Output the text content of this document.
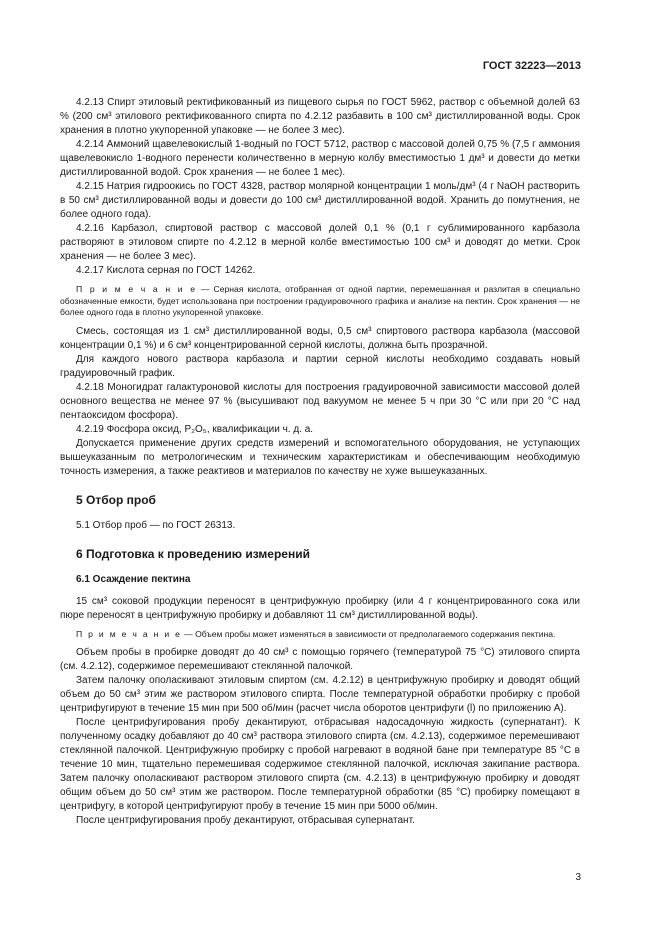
ГОСТ 32223—2013

4.2.13 Спирт этиловый ректификованный из пищевого сырья по ГОСТ 5962, раствор с объемной долей 63 % (200 см³ этилового ректификованного спирта по 4.2.12 разбавить в 100 см³ дистиллированной воды. Срок хранения в плотно укупоренной упаковке — не более 3 мес).

4.2.14 Аммоний щавелевокислый 1-водный по ГОСТ 5712, раствор с массовой долей 0,75 % (7,5 г аммония щавелевокисло 1-водного перенести количественно в мерную колбу вместимостью 1 дм³ и довести до метки дистиллированной водой. Срок хранения — не более 1 мес).

4.2.15 Натрия гидроокись по ГОСТ 4328, раствор молярной концентрации 1 моль/дм³ (4 г NaOH растворить в 50 см³ дистиллированной воды и довести до 100 см³ дистиллированной водой. Хранить до помутнения, не более одного года).

4.2.16 Карбазол, спиртовой раствор с массовой долей 0,1 % (0,1 г сублимированного карбазола растворяют в этиловом спирте по 4.2.12 в мерной колбе вместимостью 100 см³ и доводят до метки. Срок хранения — не более 3 мес).

4.2.17 Кислота серная по ГОСТ 14262.

П р и м е ч а н и е — Серная кислота, отобранная от одной партии, перемешанная и разлитая в специально обозначенные емкости, будет использована при построении градуировочного графика и анализе на пектин. Срок хранения — не более одного года в плотно укупоренной упаковке.

Смесь, состоящая из 1 см³ дистиллированной воды, 0,5 см³ спиртового раствора карбазола (массовой концентрации 0,1 %) и 6 см³ концентрированной серной кислоты, должна быть прозрачной.

Для каждого нового раствора карбазола и партии серной кислоты необходимо создавать новый градуировочный график.

4.2.18 Моногидрат галактуроновой кислоты для построения градуировочной зависимости массовой долей основного вещества не менее 97 % (высушивают под вакуумом не менее 5 ч при 30 °C или при 20 °C над пентаоксидом фосфора).

4.2.19 Фосфора оксид, P₂O₅, квалификации ч. д. а.

Допускается применение других средств измерений и вспомогательного оборудования, не уступающих вышеуказанным по метрологическим и техническим характеристикам и обеспечивающим необходимую точность измерения, а также реактивов и материалов по качеству не хуже вышеуказанных.

5 Отбор проб

5.1 Отбор проб — по ГОСТ 26313.

6 Подготовка к проведению измерений
6.1 Осаждение пектина

15 см³ соковой продукции переносят в центрифужную пробирку (или 4 г концентрированного сока или пюре переносят в центрифужную пробирку и добавляют 11 см³ дистиллированной воды).

П р и м е ч а н и е — Объем пробы может изменяться в зависимости от предполагаемого содержания пектина.

Объем пробы в пробирке доводят до 40 см³ с помощью горячего (температурой 75 °C) этилового спирта (см. 4.2.12), содержимое перемешивают стеклянной палочкой.

Затем палочку ополаскивают этиловым спиртом (см. 4.2.12) в центрифужную пробирку и доводят общий объем до 50 см³ этим же раствором этилового спирта. После температурной обработки пробирку с пробой центрифугируют в течение 15 мин при 500 об/мин (расчет числа оборотов центрифуги (l) по приложению А).

После центрифугирования пробу декантируют, отбрасывая надосадочную жидкость (супернатант). К полученному осадку добавляют до 40 см³ раствора этилового спирта (см. 4.2.13), содержимое перемешивают стеклянной палочкой. Центрифужную пробирку с пробой нагревают в водяной бане при температуре 85 °C в течение 10 мин, тщательно перемешивая содержимое стеклянной палочкой, исключая закипание раствора. Затем палочку ополаскивают раствором этилового спирта (см. 4.2.13) в центрифужную пробирку и доводят общим объем до 50 см³ этим же раствором. После температурной обработки (85 °C) пробирку помещают в центрифугу, в которой центрифугируют пробу в течение 15 мин при 5000 об/мин.

После центрифугирования пробу декантируют, отбрасывая супернатант.

3
